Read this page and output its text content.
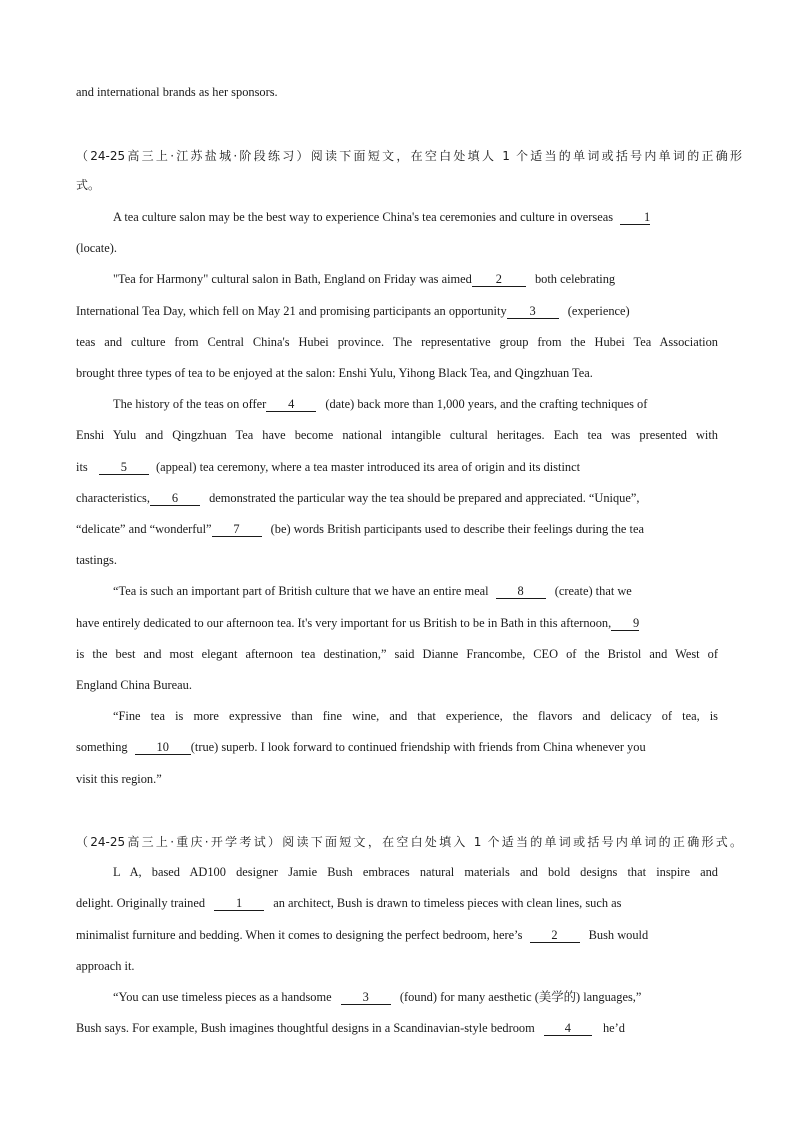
and international brands as her sponsors.
（24-25高三上·江苏盐城·阶段练习）阅读下面短文，在空白处填人 1 个适当的单词或括号内单词的正确形
式。
A tea culture salon may be the best way to experience China's tea ceremonies and culture in overseas 1
(locate).
"Tea for Harmony" cultural salon in Bath, England on Friday was aimed 2	both celebrating
International Tea Day, which fell on May 21 and promising participants an opportunity 3	(experience)
teas and culture from Central China's Hubei province. The representative group from the Hubei Tea Association
brought three types of tea to be enjoyed at the salon: Enshi Yulu, Yihong Black Tea, and Qingzhuan Tea.
The history of the teas on offer 4	(date) back more than 1,000 years, and the crafting techniques of
Enshi Yulu and Qingzhuan Tea have become national intangible cultural heritages. Each tea was presented with
its	5 (appeal) tea ceremony, where a tea master introduced its area of origin and its distinct
characteristics, 6	demonstrated the particular way the tea should be prepared and appreciated. “Unique”,
“delicate” and “wonderful” 7	(be) words British participants used to describe their feelings during the tea
tastings.
“Tea is such an important part of British culture that we have an entire meal 8	(create) that we
have entirely dedicated to our afternoon tea. It's very important for us British to be in Bath in this afternoon, 9
is the best and most elegant afternoon tea destination,” said Dianne Francombe, CEO of the Bristol and West of
England China Bureau.
“Fine tea is more expressive than fine wine, and that experience, the flavors and delicacy of tea, is
something 10 (true) superb. I look forward to continued friendship with friends from China whenever you
visit this region.”
（24-25高三上·重庆·开学考试）阅读下面短文，在空白处填入 1 个适当的单词或括号内单词的正确形式。
L A, based AD100 designer Jamie Bush embraces natural materials and bold designs that inspire and
delight. Originally trained	1	an architect, Bush is drawn to timeless pieces with clean lines, such as
minimalist furniture and bedding. When it comes to designing the perfect bedroom, here’s 2	Bush would
approach it.
“You can use timeless pieces as a handsome	3	(found) for many aesthetic (美学的) languages,”
Bush says. For example, Bush imagines thoughtful designs in a Scandinavian-style bedroom 4	he’d
